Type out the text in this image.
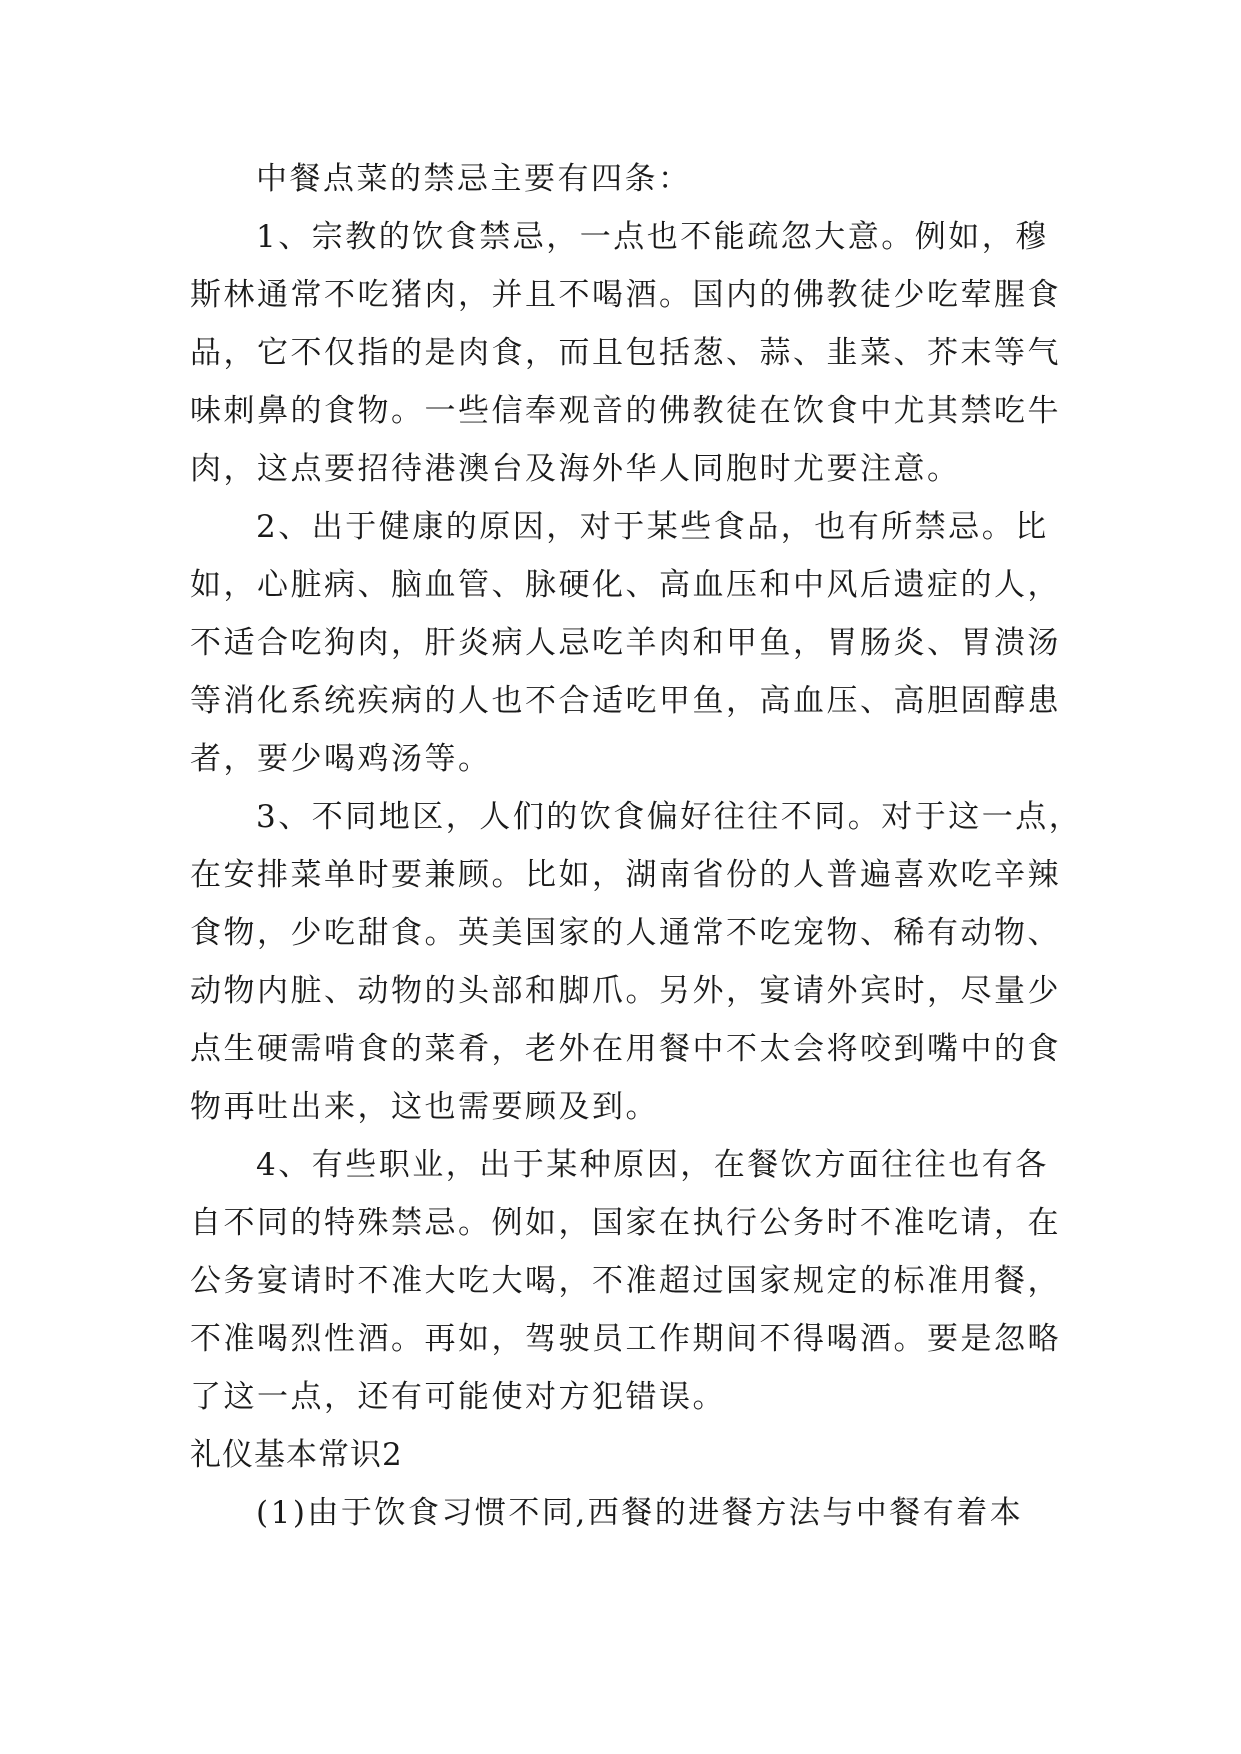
中餐点菜的禁忌主要有四条：
1、宗教的饮食禁忌，一点也不能疏忽大意。例如，穆
斯林通常不吃猪肉，并且不喝酒。国内的佛教徒少吃荤腥食
品，它不仅指的是肉食，而且包括葱、蒜、韭菜、芥末等气
味刺鼻的食物。一些信奉观音的佛教徒在饮食中尤其禁吃牛
肉，这点要招待港澳台及海外华人同胞时尤要注意。
2、出于健康的原因，对于某些食品，也有所禁忌。比
如，心脏病、脑血管、脉硬化、高血压和中风后遗症的人，
不适合吃狗肉，肝炎病人忌吃羊肉和甲鱼，胃肠炎、胃溃汤
等消化系统疾病的人也不合适吃甲鱼，高血压、高胆固醇患
者，要少喝鸡汤等。
3、不同地区，人们的饮食偏好往往不同。对于这一点，
在安排菜单时要兼顾。比如，湖南省份的人普遍喜欢吃辛辣
食物，少吃甜食。英美国家的人通常不吃宠物、稀有动物、
动物内脏、动物的头部和脚爪。另外，宴请外宾时，尽量少
点生硬需啃食的菜肴，老外在用餐中不太会将咬到嘴中的食
物再吐出来，这也需要顾及到。
4、有些职业，出于某种原因，在餐饮方面往往也有各
自不同的特殊禁忌。例如，国家在执行公务时不准吃请，在
公务宴请时不准大吃大喝，不准超过国家规定的标准用餐，
不准喝烈性酒。再如，驾驶员工作期间不得喝酒。要是忽略
了这一点，还有可能使对方犯错误。
礼仪基本常识2
(1)由于饮食习惯不同,西餐的进餐方法与中餐有着本
